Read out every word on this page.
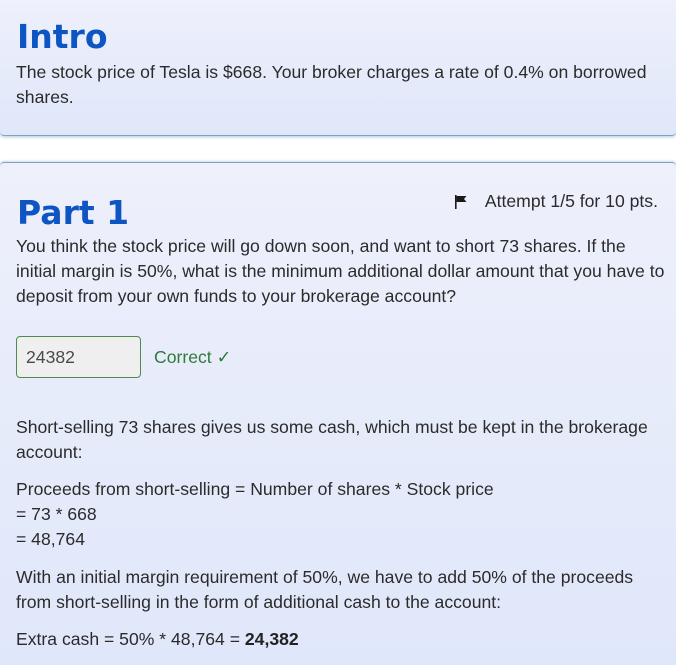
Intro

The stock price of Tesla is $668. Your broker charges a rate of 0.4% on borrowed shares.

Part 1	Attempt 1/5 for 10 pts.

You think the stock price will go down soon, and want to short 73 shares. If the initial margin is 50%, what is the minimum additional dollar amount that you have to deposit from your own funds to your brokerage account?

24382	Correct ✓

Short-selling 73 shares gives us some cash, which must be kept in the brokerage account:

Proceeds from short-selling = Number of shares * Stock price

= 73 * 668

= 48,764

With an initial margin requirement of 50%, we have to add 50% of the proceeds from short-selling in the form of additional cash to the account:

Extra cash = 50% * 48,764 = 24,382
